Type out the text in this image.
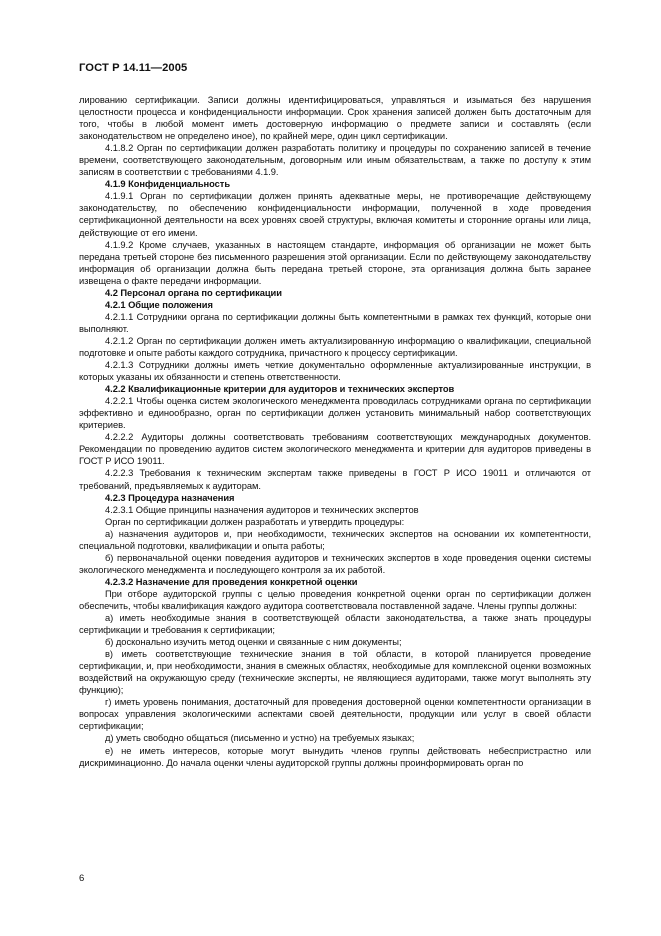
ГОСТ Р 14.11—2005

лированию сертификации. Записи должны идентифицироваться, управляться и изыматься без нарушения целостности процесса и конфиденциальности информации. Срок хранения записей должен быть достаточным для того, чтобы в любой момент иметь достоверную информацию о предмете записи и составлять (если законодательством не определено иное), по крайней мере, один цикл сертификации.

4.1.8.2 Орган по сертификации должен разработать политику и процедуры по сохранению записей в течение времени, соответствующего законодательным, договорным или иным обязательствам, а также по доступу к этим записям в соответствии с требованиями 4.1.9.

4.1.9 Конфиденциальность

4.1.9.1 Орган по сертификации должен принять адекватные меры, не противоречащие действующему законодательству, по обеспечению конфиденциальности информации, полученной в ходе проведения сертификационной деятельности на всех уровнях своей структуры, включая комитеты и сторонние органы или лица, действующие от его имени.

4.1.9.2 Кроме случаев, указанных в настоящем стандарте, информация об организации не может быть передана третьей стороне без письменного разрешения этой организации. Если по действующему законодательству информация об организации должна быть передана третьей стороне, эта организация должна быть заранее извещена о факте передачи информации.

4.2 Персонал органа по сертификации

4.2.1 Общие положения

4.2.1.1 Сотрудники органа по сертификации должны быть компетентными в рамках тех функций, которые они выполняют.

4.2.1.2 Орган по сертификации должен иметь актуализированную информацию о квалификации, специальной подготовке и опыте работы каждого сотрудника, причастного к процессу сертификации.

4.2.1.3 Сотрудники должны иметь четкие документально оформленные актуализированные инструкции, в которых указаны их обязанности и степень ответственности.

4.2.2 Квалификационные критерии для аудиторов и технических экспертов

4.2.2.1 Чтобы оценка систем экологического менеджмента проводилась сотрудниками органа по сертификации эффективно и единообразно, орган по сертификации должен установить минимальный набор соответствующих критериев.

4.2.2.2 Аудиторы должны соответствовать требованиям соответствующих международных документов. Рекомендации по проведению аудитов систем экологического менеджмента и критерии для аудиторов приведены в ГОСТ Р ИСО 19011.

4.2.2.3 Требования к техническим экспертам также приведены в ГОСТ Р ИСО 19011 и отличаются от требований, предъявляемых к аудиторам.

4.2.3 Процедура назначения

4.2.3.1 Общие принципы назначения аудиторов и технических экспертов

Орган по сертификации должен разработать и утвердить процедуры:

а) назначения аудиторов и, при необходимости, технических экспертов на основании их компетентности, специальной подготовки, квалификации и опыта работы;

б) первоначальной оценки поведения аудиторов и технических экспертов в ходе проведения оценки системы экологического менеджмента и последующего контроля за их работой.

4.2.3.2 Назначение для проведения конкретной оценки

При отборе аудиторской группы с целью проведения конкретной оценки орган по сертификации должен обеспечить, чтобы квалификация каждого аудитора соответствовала поставленной задаче. Члены группы должны:

а) иметь необходимые знания в соответствующей области законодательства, а также знать процедуры сертификации и требования к сертификации;

б) досконально изучить метод оценки и связанные с ним документы;

в) иметь соответствующие технические знания в той области, в которой планируется проведение сертификации, и, при необходимости, знания в смежных областях, необходимые для комплексной оценки возможных воздействий на окружающую среду (технические эксперты, не являющиеся аудиторами, также могут выполнять эту функцию);

г) иметь уровень понимания, достаточный для проведения достоверной оценки компетентности организации в вопросах управления экологическими аспектами своей деятельности, продукции или услуг в своей области сертификации;

д) уметь свободно общаться (письменно и устно) на требуемых языках;

е) не иметь интересов, которые могут вынудить членов группы действовать небеспристрастно или дискриминационно. До начала оценки члены аудиторской группы должны проинформировать орган по

6
